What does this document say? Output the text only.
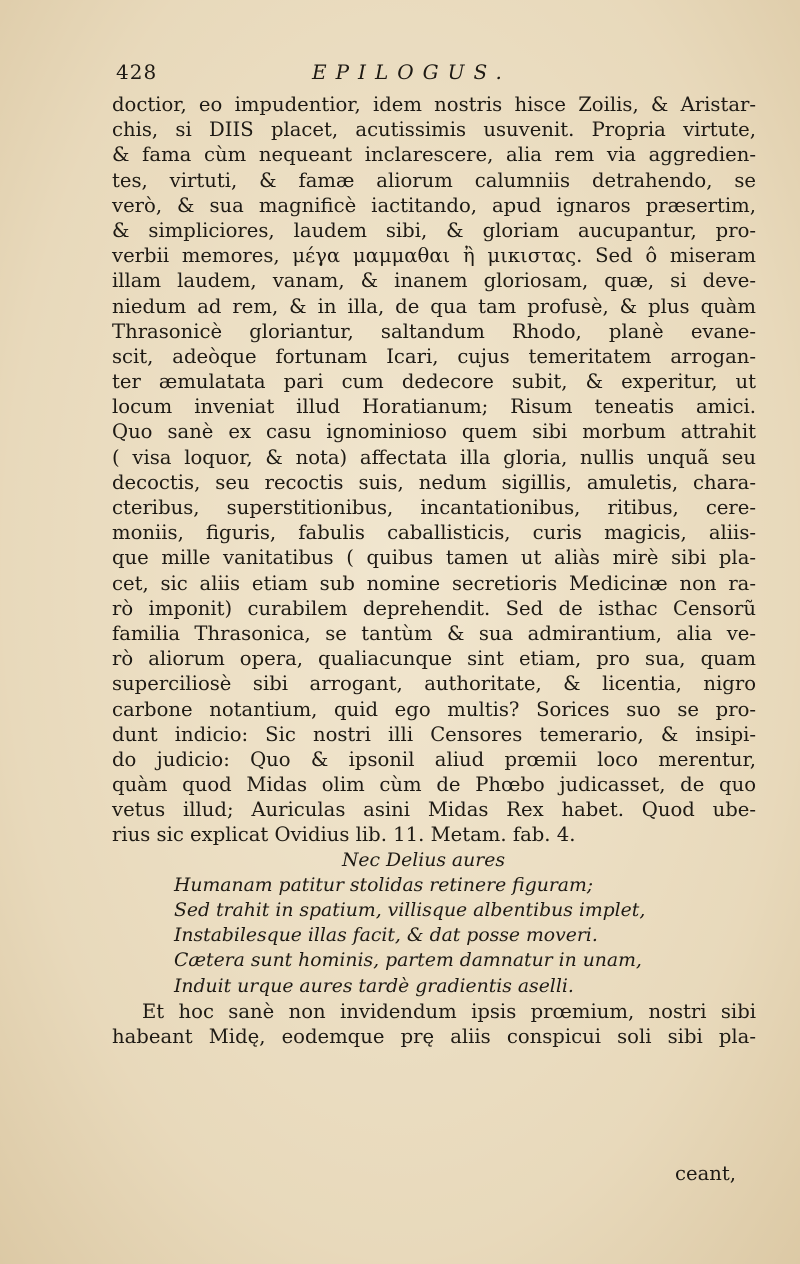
428	EPILOGUS.

doctior, eo impudentior, idem nostris hisce Zoilis, & Aristar-

chis, si DIIS placet, acutissimis usuvenit. Propria virtute,

& fama cùm nequeant inclarescere, alia rem via aggredien-

tes, virtuti, & famæ aliorum calumniis detrahendo, se

verò, & sua magnificè iactitando, apud ignaros præsertim,

& simpliciores, laudem sibi, & gloriam aucupantur, pro-

verbii memores, μέγα μαμμαθαι ἢ μικιστας. Sed ô miseram

illam laudem, vanam, & inanem gloriosam, quæ, si deve-

niedum ad rem, & in illa, de qua tam profusè, & plus quàm

Thrasonicè gloriantur, saltandum Rhodo, planè evane-

scit, adeòque fortunam Icari, cujus temeritatem arrogan-

ter æmulatata pari cum dedecore subit, & experitur, ut

locum inveniat illud Horatianum; Risum teneatis amici.

Quo sanè ex casu ignominioso quem sibi morbum attrahit

( visa loquor, & nota) affectata illa gloria, nullis unquã seu

decoctis, seu recoctis suis, nedum sigillis, amuletis, chara-

cteribus, superstitionibus, incantationibus, ritibus, cere-

moniis, figuris, fabulis caballisticis, curis magicis, aliis-

que mille vanitatibus ( quibus tamen ut aliàs mirè sibi pla-

cet, sic aliis etiam sub nomine secretioris Medicinæ non ra-

rò imponit) curabilem deprehendit. Sed de isthac Censorũ

familia Thrasonica, se tantùm & sua admirantium, alia ve-

rò aliorum opera, qualiacunque sint etiam, pro sua, quam

superciliosè sibi arrogant, authoritate, & licentia, nigro

carbone notantium, quid ego multis? Sorices suo se pro-

dunt indicio: Sic nostri illi Censores temerario, & insipi-

do judicio: Quo & ipsonil aliud prœmii loco merentur,

quàm quod Midas olim cùm de Phœbo judicasset, de quo

vetus illud; Auriculas asini Midas Rex habet. Quod ube-

rius sic explicat Ovidius lib. 11. Metam. fab. 4.

Nec Delius aures

Humanam patitur stolidas retinere figuram;

Sed trahit in spatium, villisque albentibus implet,

Instabilesque illas facit, & dat posse moveri.

Cætera sunt hominis, partem damnatur in unam,

Induit urque aures tardè gradientis aselli.

Et hoc sanè non invidendum ipsis prœmium, nostri sibi

habeant Midę, eodemque prę aliis conspicui soli sibi pla-

ceant,
